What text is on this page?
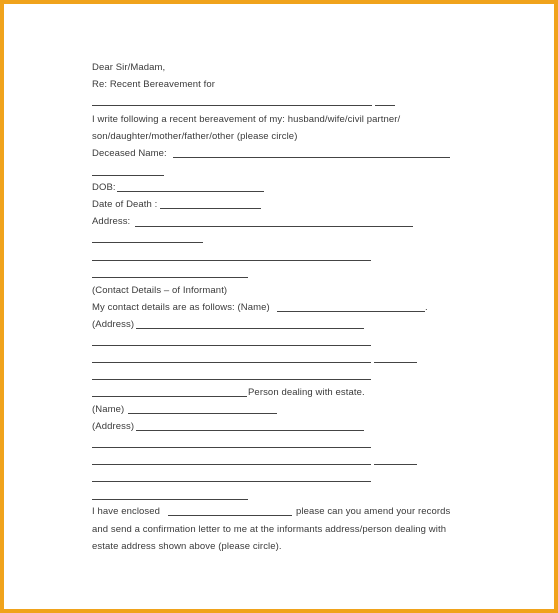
Dear Sir/Madam,
Re: Recent Bereavement for
I write following a recent bereavement of my: husband/wife/civil partner/
son/daughter/mother/father/other (please circle)
Deceased Name:
DOB:
Date of Death :
Address:
(Contact Details – of Informant)
My contact details are as follows: (Name)	.
(Address)
Person dealing with estate.
(Name)
(Address)
I have enclosed	please can you amend your records
and send a confirmation letter to me at the informants address/person dealing with
estate address shown above (please circle).
